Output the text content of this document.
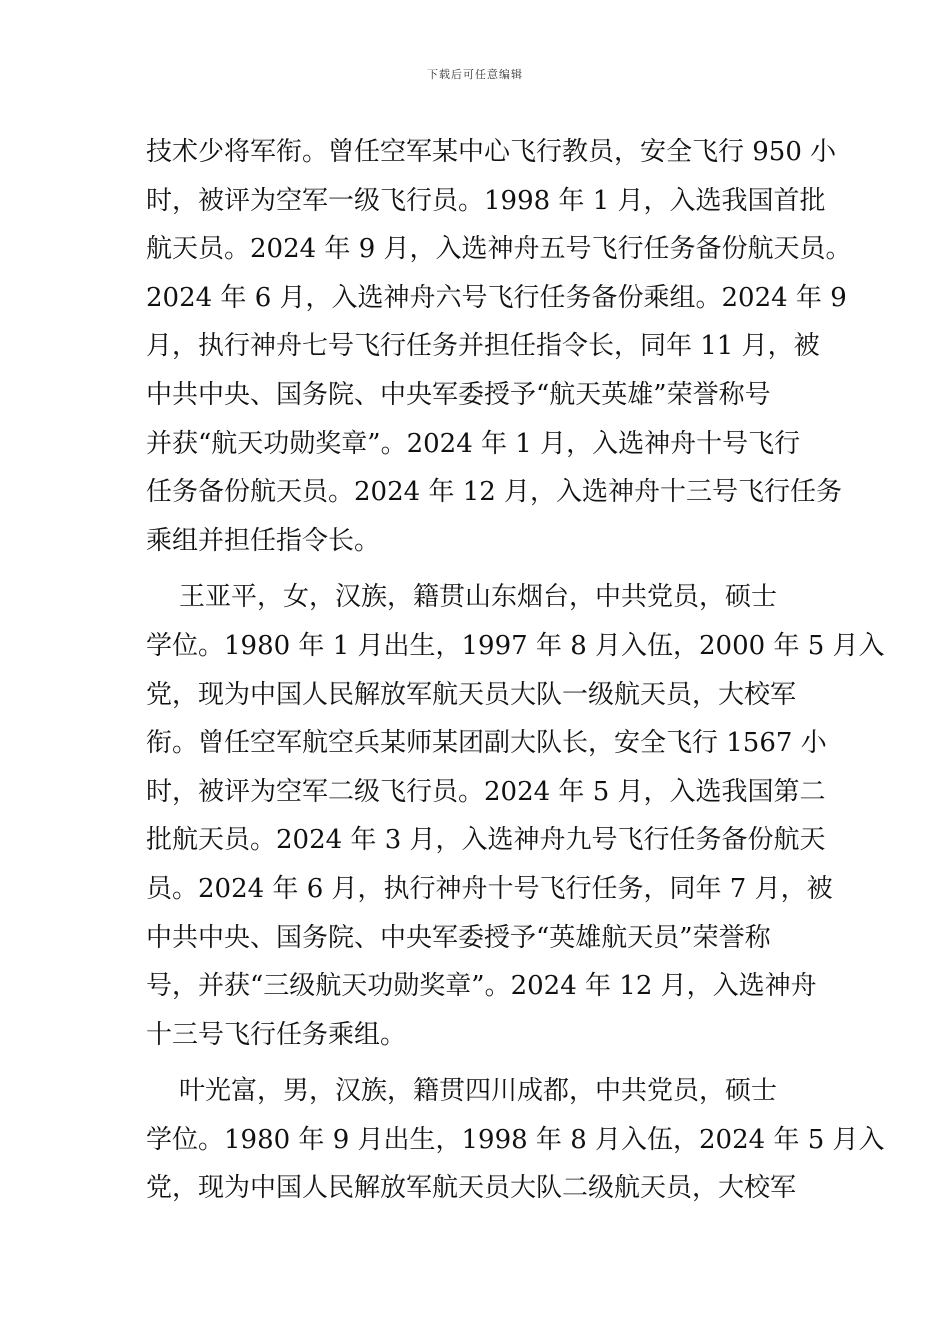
下载后可任意编辑
技术少将军衔。曾任空军某中心飞行教员，安全飞行 950 小
时，被评为空军一级飞行员。1998 年 1 月，入选我国首批
航天员。2024 年 9 月，入选神舟五号飞行任务备份航天员。
2024 年 6 月，入选神舟六号飞行任务备份乘组。2024 年 9
月，执行神舟七号飞行任务并担任指令长，同年 11 月，被
中共中央、国务院、中央军委授予“航天英雄”荣誉称号
并获“航天功勋奖章”。2024 年 1 月，入选神舟十号飞行
任务备份航天员。2024 年 12 月，入选神舟十三号飞行任务
乘组并担任指令长。
王亚平，女，汉族，籍贯山东烟台，中共党员，硕士
学位。1980 年 1 月出生，1997 年 8 月入伍，2000 年 5 月入
党，现为中国人民解放军航天员大队一级航天员，大校军
衔。曾任空军航空兵某师某团副大队长，安全飞行 1567 小
时，被评为空军二级飞行员。2024 年 5 月，入选我国第二
批航天员。2024 年 3 月，入选神舟九号飞行任务备份航天
员。2024 年 6 月，执行神舟十号飞行任务，同年 7 月，被
中共中央、国务院、中央军委授予“英雄航天员”荣誉称
号，并获“三级航天功勋奖章”。2024 年 12 月，入选神舟
十三号飞行任务乘组。
叶光富，男，汉族，籍贯四川成都，中共党员，硕士
学位。1980 年 9 月出生，1998 年 8 月入伍，2024 年 5 月入
党，现为中国人民解放军航天员大队二级航天员，大校军
